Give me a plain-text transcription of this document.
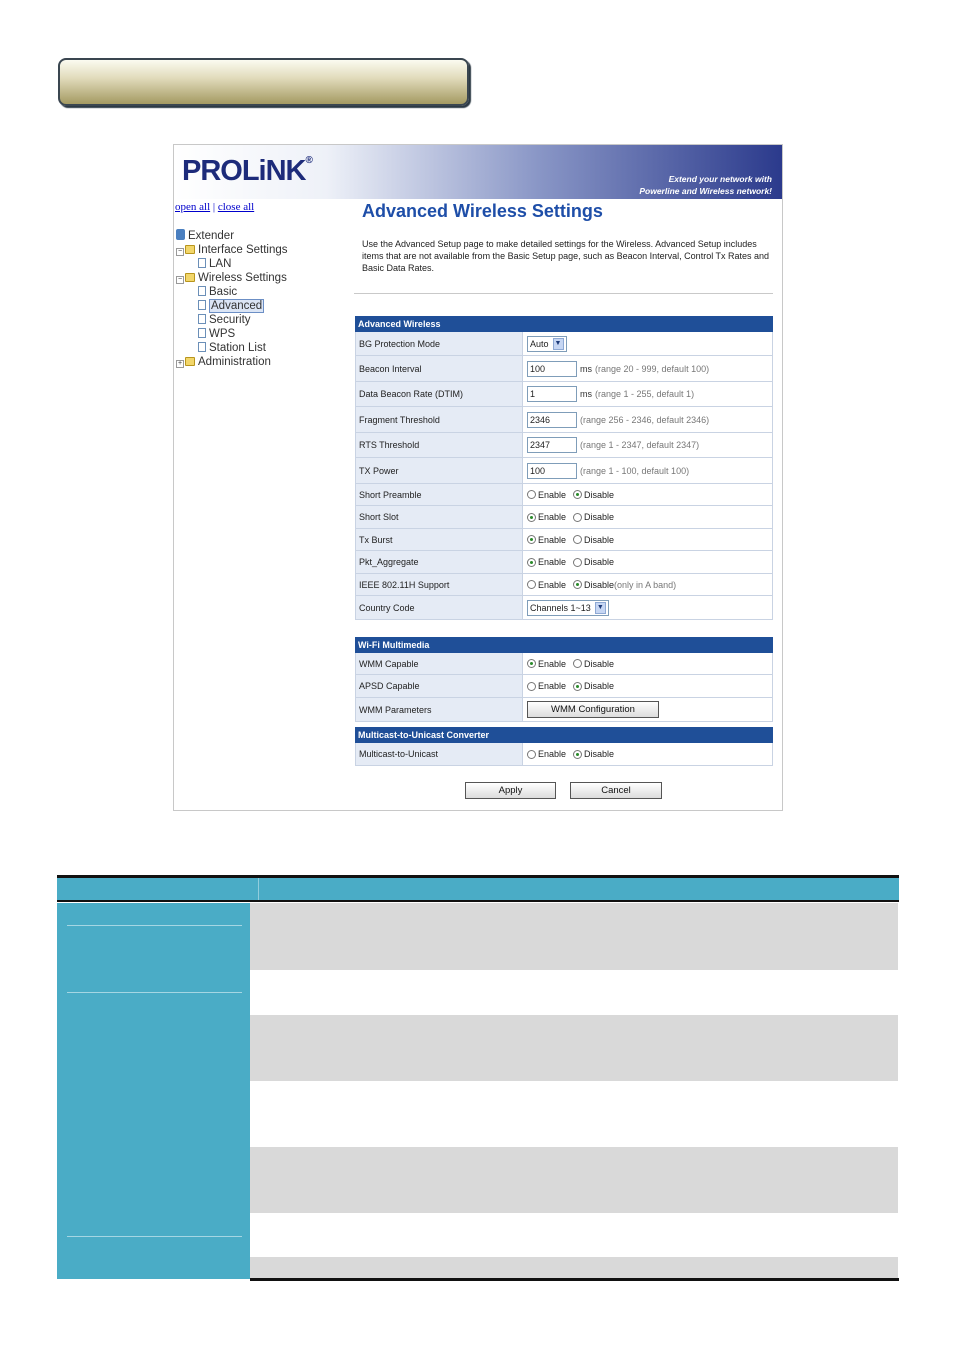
PROLiNK®
Extend your network with
Powerline and Wireless network!
open all | close all
Extender
− Interface Settings
LAN
− Wireless Settings
Basic
Advanced
Security
WPS
Station List
+ Administration
Advanced Wireless Settings
Use the Advanced Setup page to make detailed settings for the Wireless. Advanced Setup includes items that are not available from the Basic Setup page, such as Beacon Interval, Control Tx Rates and Basic Data Rates.
Advanced Wireless
BG Protection Mode	Auto ▼
Beacon Interval	100	ms (range 20 - 999, default 100)
Data Beacon Rate (DTIM)	1	ms (range 1 - 255, default 1)
Fragment Threshold	2346	(range 256 - 2346, default 2346)
RTS Threshold	2347	(range 1 - 2347, default 2347)
TX Power	100	(range 1 - 100, default 100)
Short Preamble	Enable Disable
Short Slot	Enable Disable
Tx Burst	Enable Disable
Pkt_Aggregate	Enable Disable
IEEE 802.11H Support	Enable Disable (only in A band)
Country Code	Channels 1~13 ▼
Wi-Fi Multimedia
WMM Capable	Enable Disable
APSD Capable	Enable Disable
WMM Parameters	WMM Configuration
Multicast-to-Unicast Converter
Multicast-to-Unicast	Enable Disable
Apply	Cancel
